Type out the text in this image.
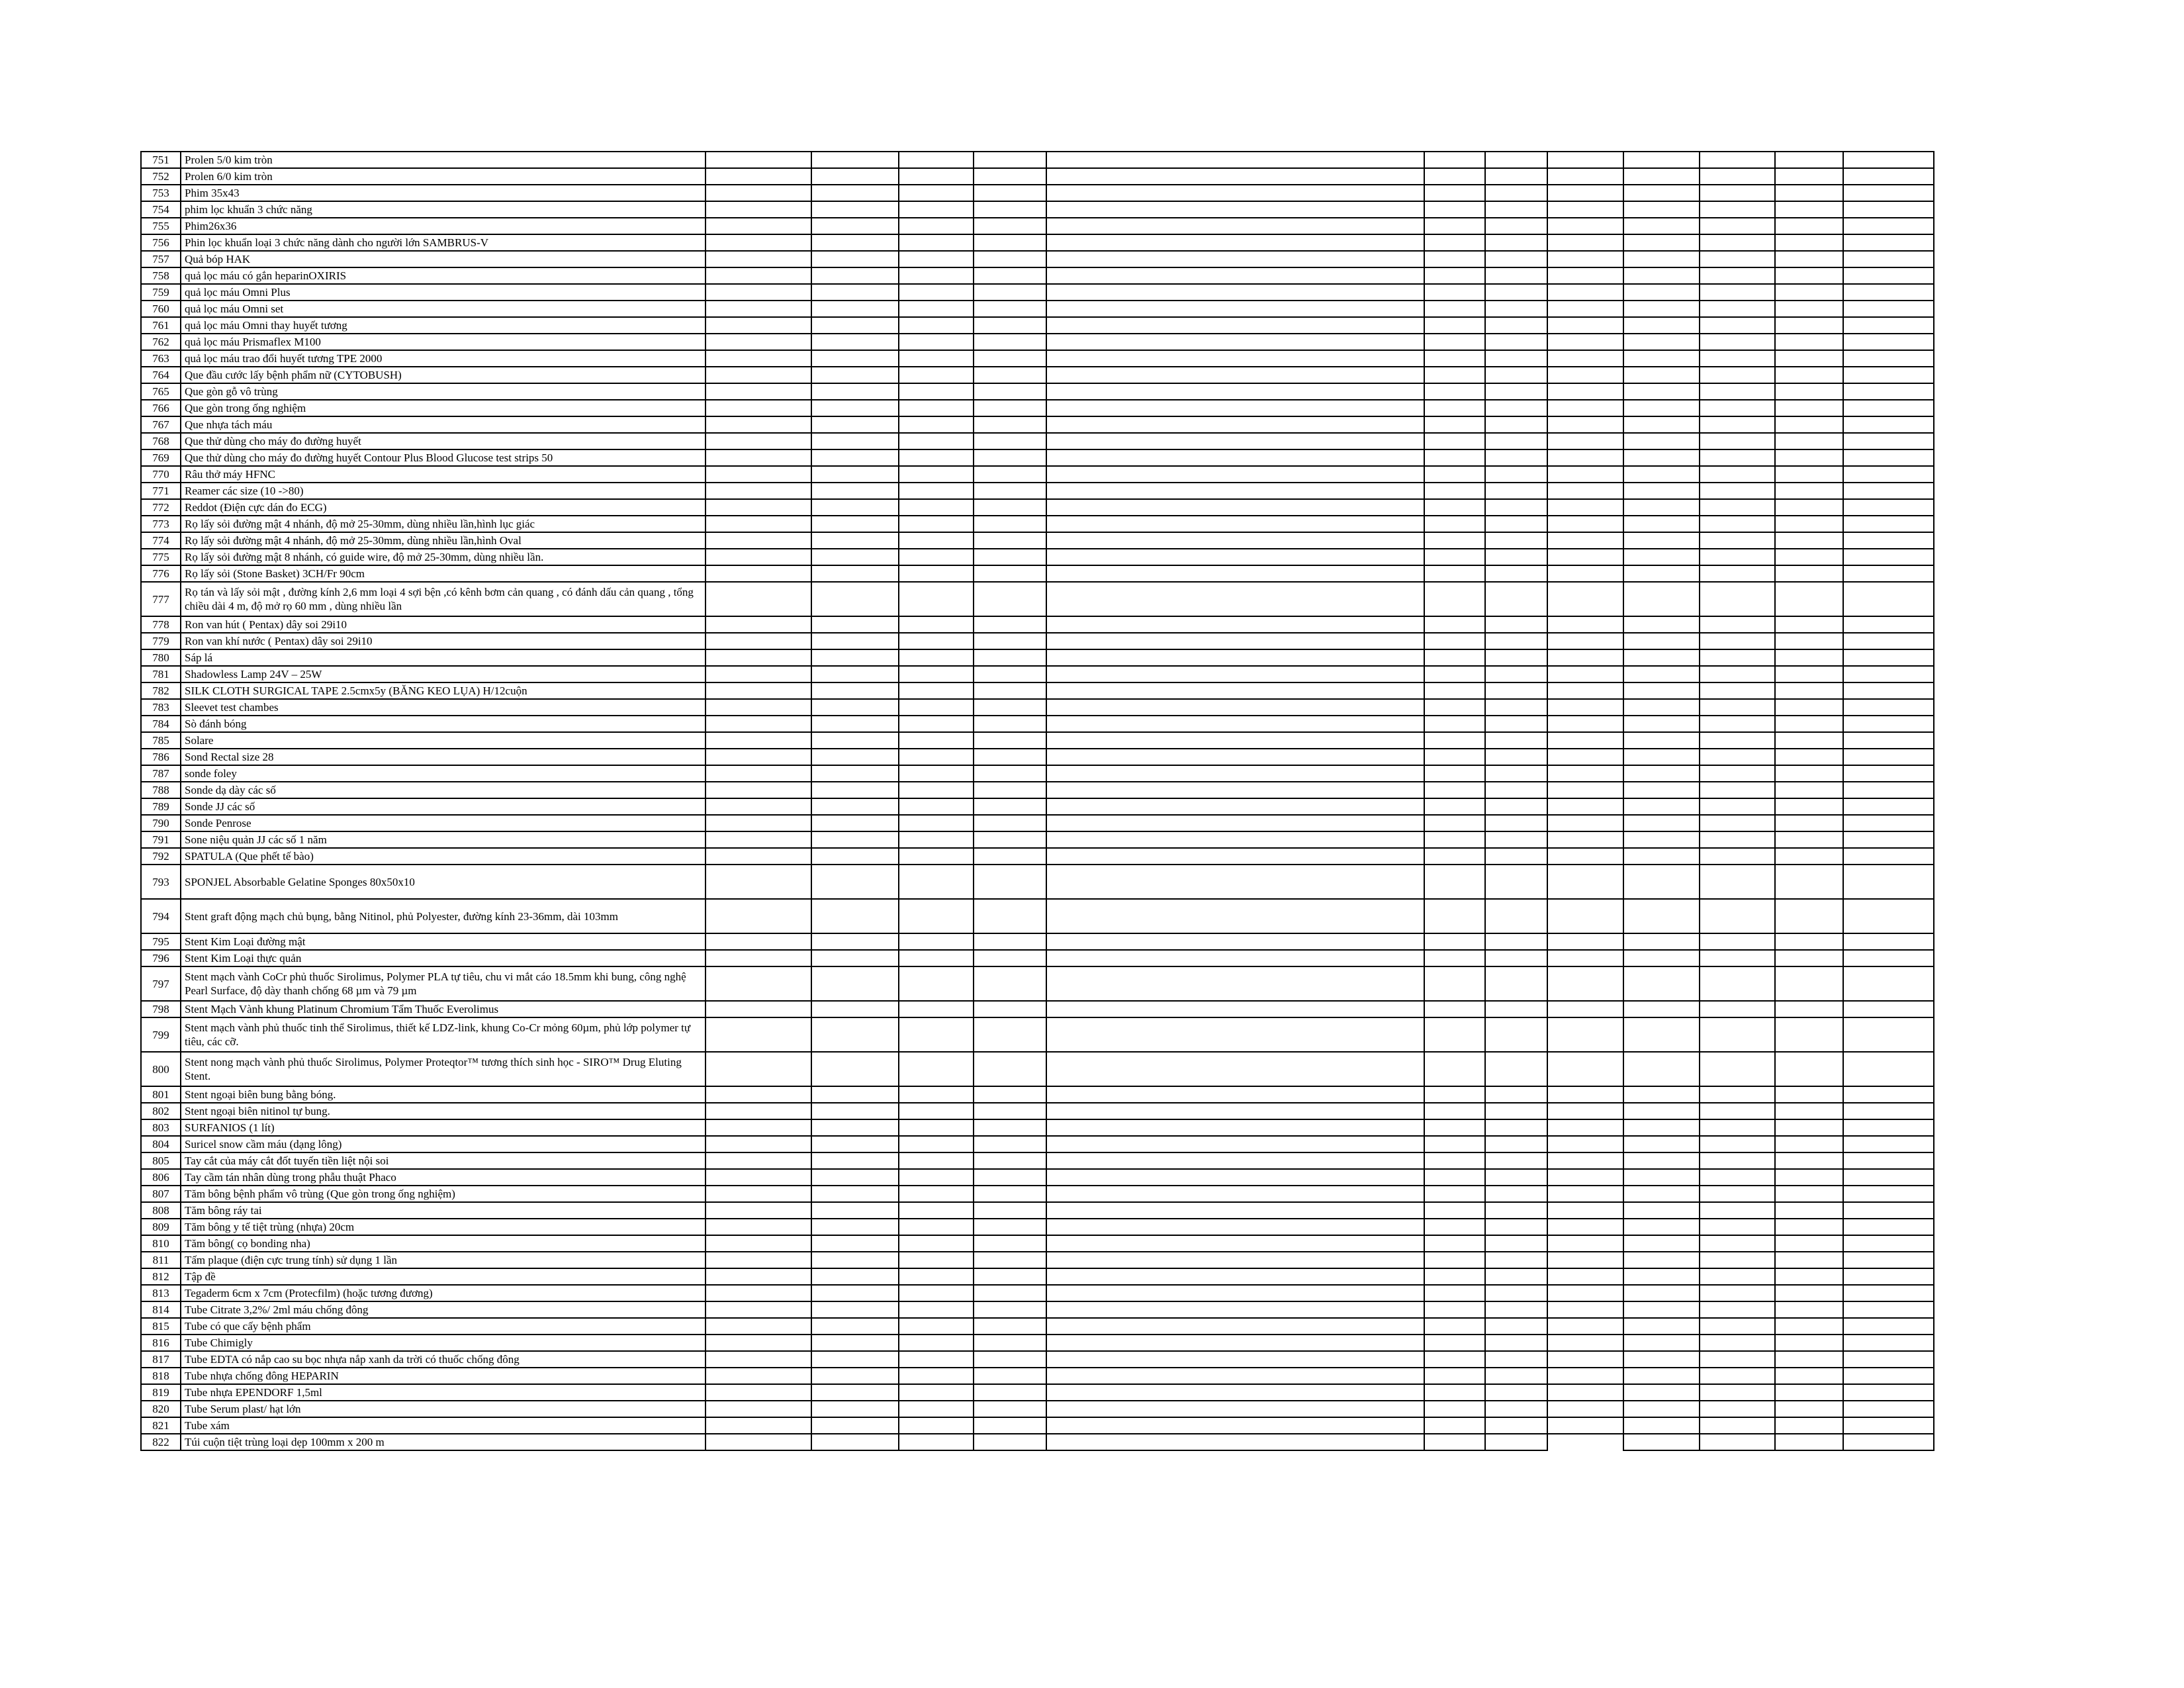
751	Prolen 5/0 kim tròn												
752	Prolen 6/0 kim tròn												
753	Phim 35x43												
754	phim lọc khuẩn 3 chức năng												
755	Phim26x36												
756	Phin lọc khuẩn loại 3 chức năng dành cho người lớn SAMBRUS-V												
757	Quả bóp HAK												
758	quả lọc máu có gắn heparinOXIRIS												
759	quả lọc máu Omni Plus												
760	quả lọc máu Omni set												
761	quả lọc máu Omni thay huyết tương												
762	quả lọc máu Prismaflex M100												
763	quả lọc máu trao đổi huyết tương TPE 2000												
764	Que đầu cước lấy bệnh phẩm nữ (CYTOBUSH)												
765	Que gòn gỗ vô trùng												
766	Que gòn trong ống nghiệm												
767	Que nhựa tách máu												
768	Que thử dùng cho máy đo đường huyết												
769	Que thử dùng cho máy đo đường huyết Contour Plus Blood Glucose test strips 50												
770	Râu thở máy HFNC												
771	Reamer các size (10 ->80)												
772	Reddot (Điện cực dán đo ECG)												
773	Rọ lấy sỏi đường mật 4 nhánh, độ mở 25-30mm, dùng nhiều lần,hình lục giác												
774	Rọ lấy sỏi đường mật 4 nhánh, độ mở 25-30mm, dùng nhiều lần,hình Oval												
775	Rọ lấy sỏi đường mật 8 nhánh, có guide wire, độ mở 25-30mm, dùng nhiều lần.												
776	Rọ lấy sỏi (Stone Basket) 3CH/Fr 90cm												
777	Rọ tán và lấy sỏi mật , đường kính 2,6 mm loại 4 sợi bện ,có kênh bơm cản quang , có đánh dấu cản quang , tổng chiều dài 4 m, độ mở rọ 60 mm , dùng nhiều lần												
778	Ron van hút ( Pentax) dây soi 29i10												
779	Ron van khí nước ( Pentax) dây soi 29i10												
780	Sáp lá												
781	Shadowless Lamp 24V – 25W												
782	SILK CLOTH SURGICAL TAPE 2.5cmx5y (BĂNG KEO LỤA) H/12cuộn												
783	Sleevet test chambes												
784	Sò đánh bóng												
785	Solare												
786	Sond Rectal size 28												
787	sonde foley												
788	Sonde dạ dày các số												
789	Sonde JJ các số												
790	Sonde Penrose												
791	Sone niệu quản JJ các số 1 năm												
792	SPATULA (Que phết tế bào)												
793	SPONJEL Absorbable Gelatine Sponges 80x50x10												
794	Stent graft động mạch chủ bụng, bằng Nitinol, phủ Polyester, đường kính 23-36mm, dài 103mm												
795	Stent Kim Loại đường mật												
796	Stent Kim Loại thực quản												
797	Stent mạch vành CoCr phủ thuốc Sirolimus, Polymer PLA tự tiêu, chu vi mắt cáo 18.5mm khi bung, công nghệ Pearl Surface, độ dày thanh chống 68 µm và 79 µm												
798	Stent Mạch Vành khung Platinum Chromium Tẩm Thuốc Everolimus												
799	Stent mạch vành phủ thuốc tinh thể Sirolimus, thiết kế LDZ-link, khung Co-Cr mỏng 60µm, phủ lớp polymer tự tiêu, các cỡ.												
800	Stent nong mạch vành phủ thuốc Sirolimus, Polymer Proteqtor™ tương thích sinh học - SIRO™ Drug Eluting Stent.												
801	Stent ngoại biên bung bằng bóng.												
802	Stent ngoại biên nitinol tự bung.												
803	SURFANIOS (1 lít)												
804	Suricel snow cầm máu (dạng lông)												
805	Tay cắt của máy cắt đốt tuyến tiền liệt nội soi												
806	Tay cầm tán nhân dùng trong phẫu thuật Phaco												
807	Tăm bông bệnh phẩm vô trùng (Que gòn trong ống nghiệm)												
808	Tăm bông ráy tai												
809	Tăm bông y tế tiệt trùng (nhựa) 20cm												
810	Tăm bông( cọ bonding nha)												
811	Tấm plaque (điện cực trung tính) sử dụng 1 lần												
812	Tập đề												
813	Tegaderm 6cm x 7cm (Protecfilm) (hoặc tương đương)												
814	Tube Citrate 3,2%/ 2ml máu chống đông												
815	Tube có que cấy bệnh phẩm												
816	Tube Chimigly												
817	Tube EDTA có nắp cao su bọc nhựa nắp xanh da trời có thuốc chống đông												
818	Tube nhựa chống đông HEPARIN												
819	Tube nhựa EPENDORF 1,5ml												
820	Tube Serum plast/ hạt lớn												
821	Tube xám												
822	Túi cuộn tiệt trùng loại dẹp 100mm x 200 m												
